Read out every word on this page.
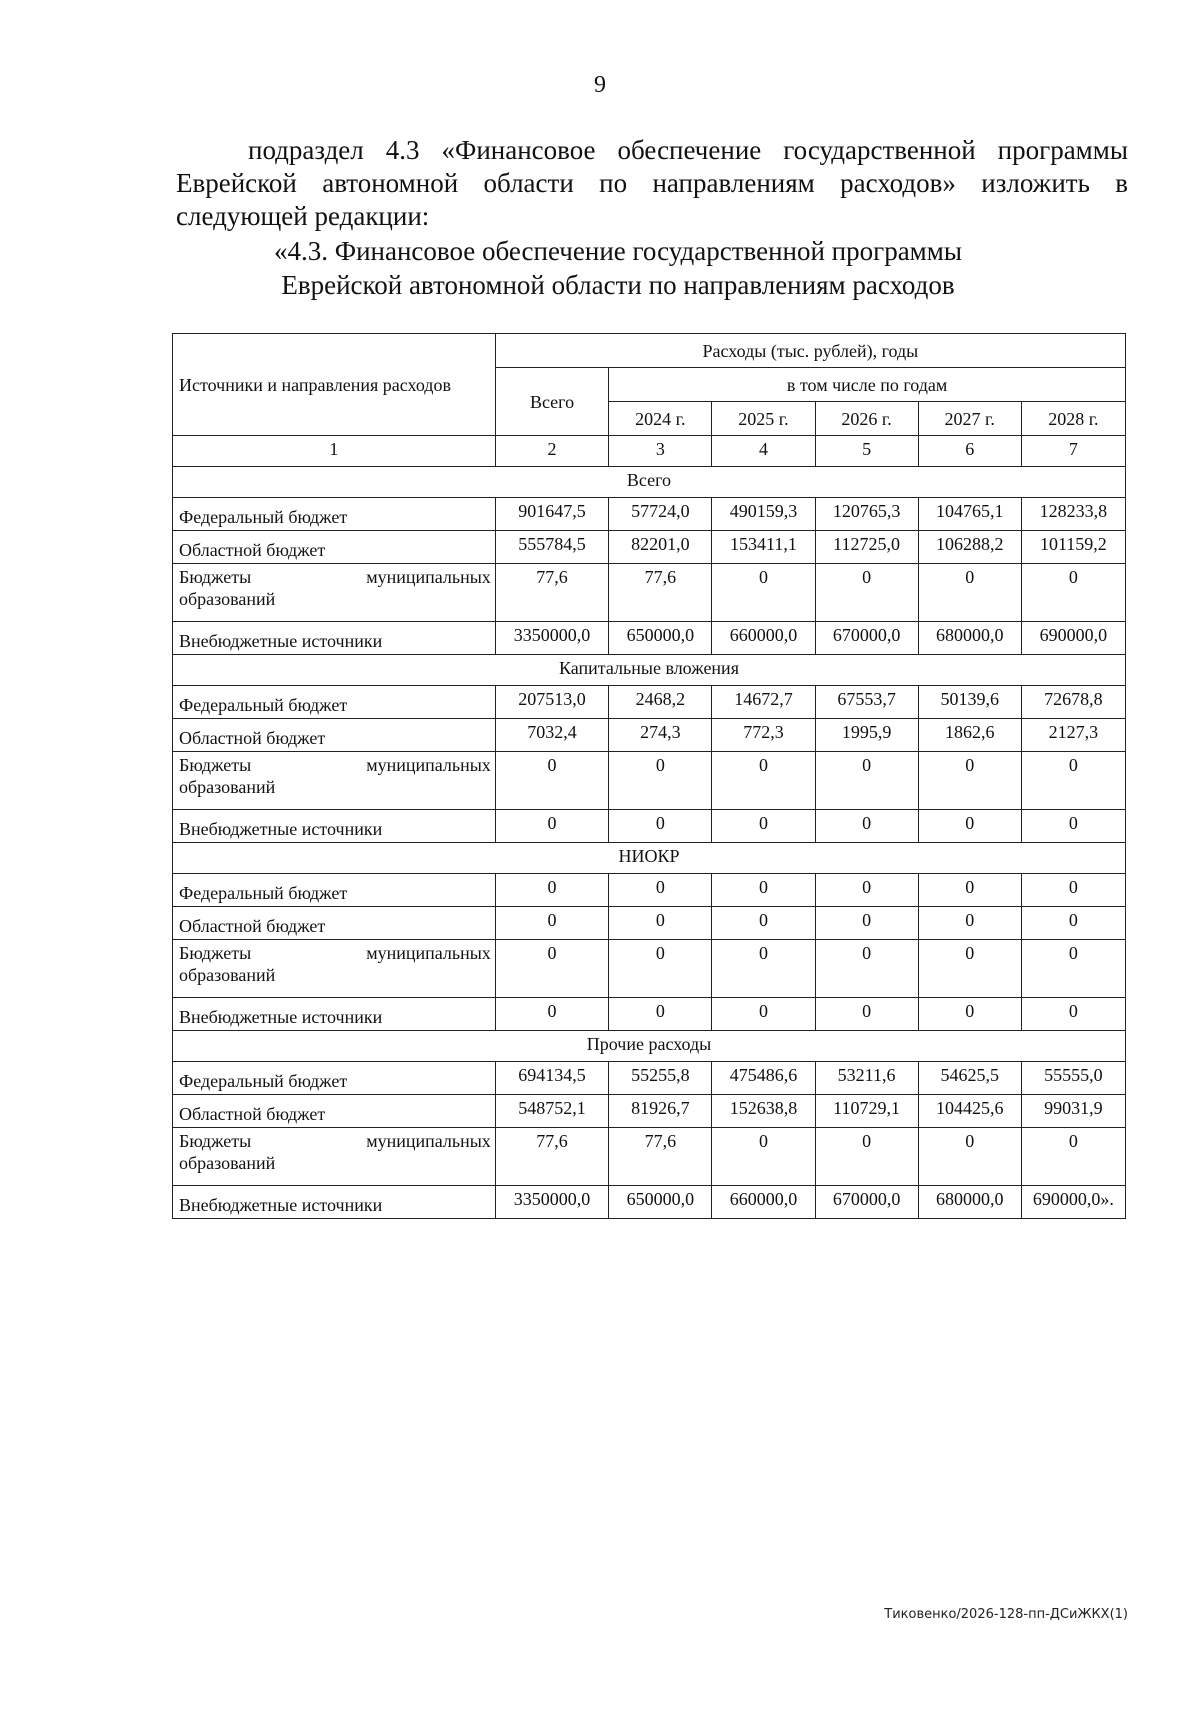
9

подраздел 4.3 «Финансовое обеспечение государственной программы Еврейской автономной области по направлениям расходов» изложить в следующей редакции:

«4.3. Финансовое обеспечение государственной программы
Еврейской автономной области по направлениям расходов
Источники и направления расходов	Расходы (тыс. рублей), годы					
	Всего	в том числе по годам				
		2024 г.	2025 г.	2026 г.	2027 г.	2028 г.
1	2	3	4	5	6	7
Всего						
Федеральный бюджет	901647,5	57724,0	490159,3	120765,3	104765,1	128233,8
Областной бюджет	555784,5	82201,0	153411,1	112725,0	106288,2	101159,2

Бюджеты муниципальных
образований	77,6	77,6	0	0	0	0
Внебюджетные источники	3350000,0	650000,0	660000,0	670000,0	680000,0	690000,0
Капитальные вложения						
Федеральный бюджет	207513,0	2468,2	14672,7	67553,7	50139,6	72678,8
Областной бюджет	7032,4	274,3	772,3	1995,9	1862,6	2127,3

Бюджеты муниципальных
образований	0	0	0	0	0	0
Внебюджетные источники	0	0	0	0	0	0
НИОКР						
Федеральный бюджет	0	0	0	0	0	0
Областной бюджет	0	0	0	0	0	0

Бюджеты муниципальных
образований	0	0	0	0	0	0
Внебюджетные источники	0	0	0	0	0	0
Прочие расходы						
Федеральный бюджет	694134,5	55255,8	475486,6	53211,6	54625,5	55555,0
Областной бюджет	548752,1	81926,7	152638,8	110729,1	104425,6	99031,9

Бюджеты муниципальных
образований	77,6	77,6	0	0	0	0
Внебюджетные источники	3350000,0	650000,0	660000,0	670000,0	680000,0	690000,0».
Тиковенко/2026-128-пп-ДСиЖКХ(1)
